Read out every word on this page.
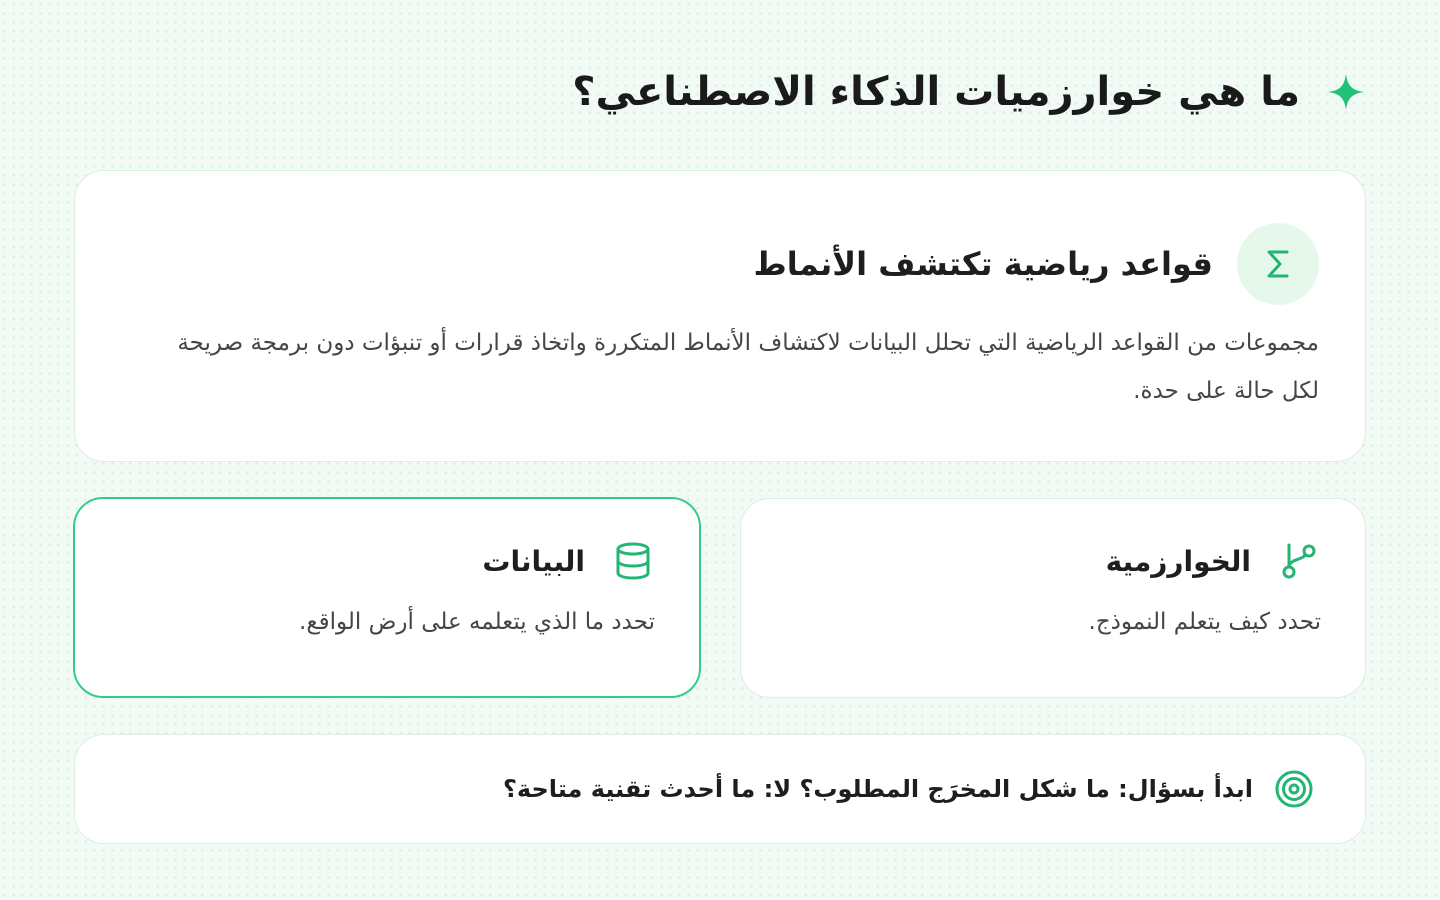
ما هي خوارزميات الذكاء الاصطناعي؟
قواعد رياضية تكتشف الأنماط

مجموعات من القواعد الرياضية التي تحلل البيانات لاكتشاف الأنماط المتكررة واتخاذ قرارات أو تنبؤات دون برمجة صريحة لكل حالة على حدة.

الخوارزمية

تحدد كيف يتعلم النموذج.

البيانات

تحدد ما الذي يتعلمه على أرض الواقع.

ابدأ بسؤال: ما شكل المخرَج المطلوب؟ لا: ما أحدث تقنية متاحة؟
